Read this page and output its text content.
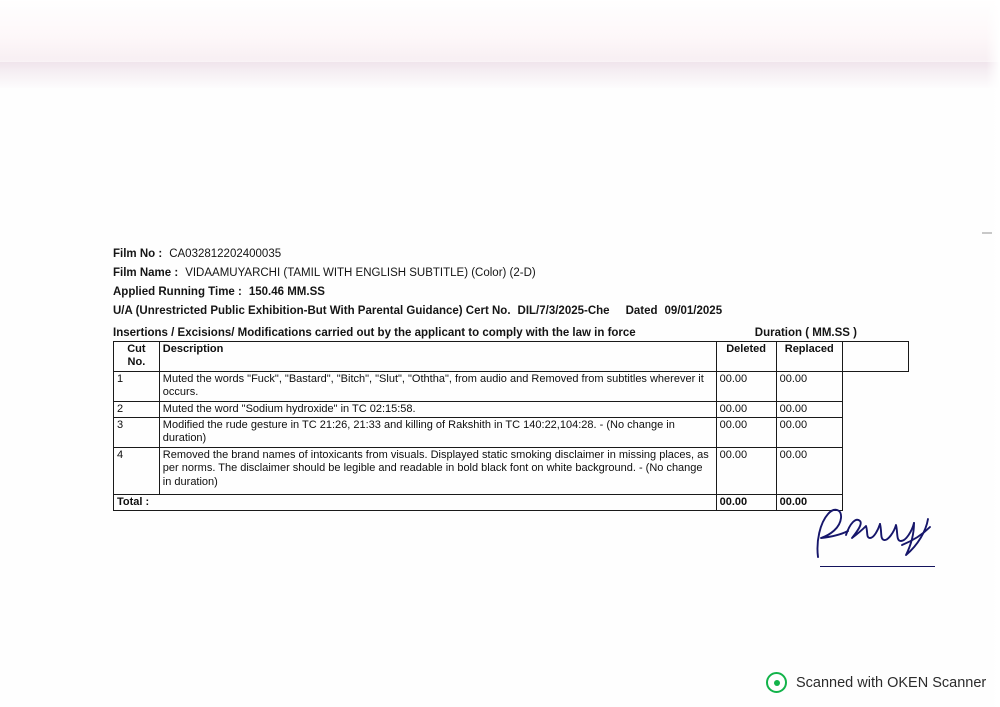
Film No : CA032812202400035
Film Name : VIDAAMUYARCHI (TAMIL WITH ENGLISH SUBTITLE) (Color) (2-D)
Applied Running Time : 150.46 MM.SS
U/A (Unrestricted Public Exhibition-But With Parental Guidance) Cert No. DIL/7/3/2025-Che Dated 09/01/2025
Insertions / Excisions/ Modifications carried out by the applicant to comply with the law in force	Duration ( MM.SS )
Cut No.	Description	Deleted	Replaced	
1	Muted the words "Fuck", "Bastard", "Bitch", "Slut", "Oththa", from audio and Removed from subtitles wherever it occurs.	00.00	00.00	
2	Muted the word "Sodium hydroxide" in TC 02:15:58.	00.00	00.00	
3	Modified the rude gesture in TC 21:26, 21:33 and killing of Rakshith in TC 140:22,104:28. - (No change in duration)	00.00	00.00	
4	Removed the brand names of intoxicants from visuals. Displayed static smoking disclaimer in missing places, as per norms. The disclaimer should be legible and readable in bold black font on white background. - (No change in duration)	00.00	00.00	
Total :		00.00	00.00	
Scanned with OKEN Scanner
